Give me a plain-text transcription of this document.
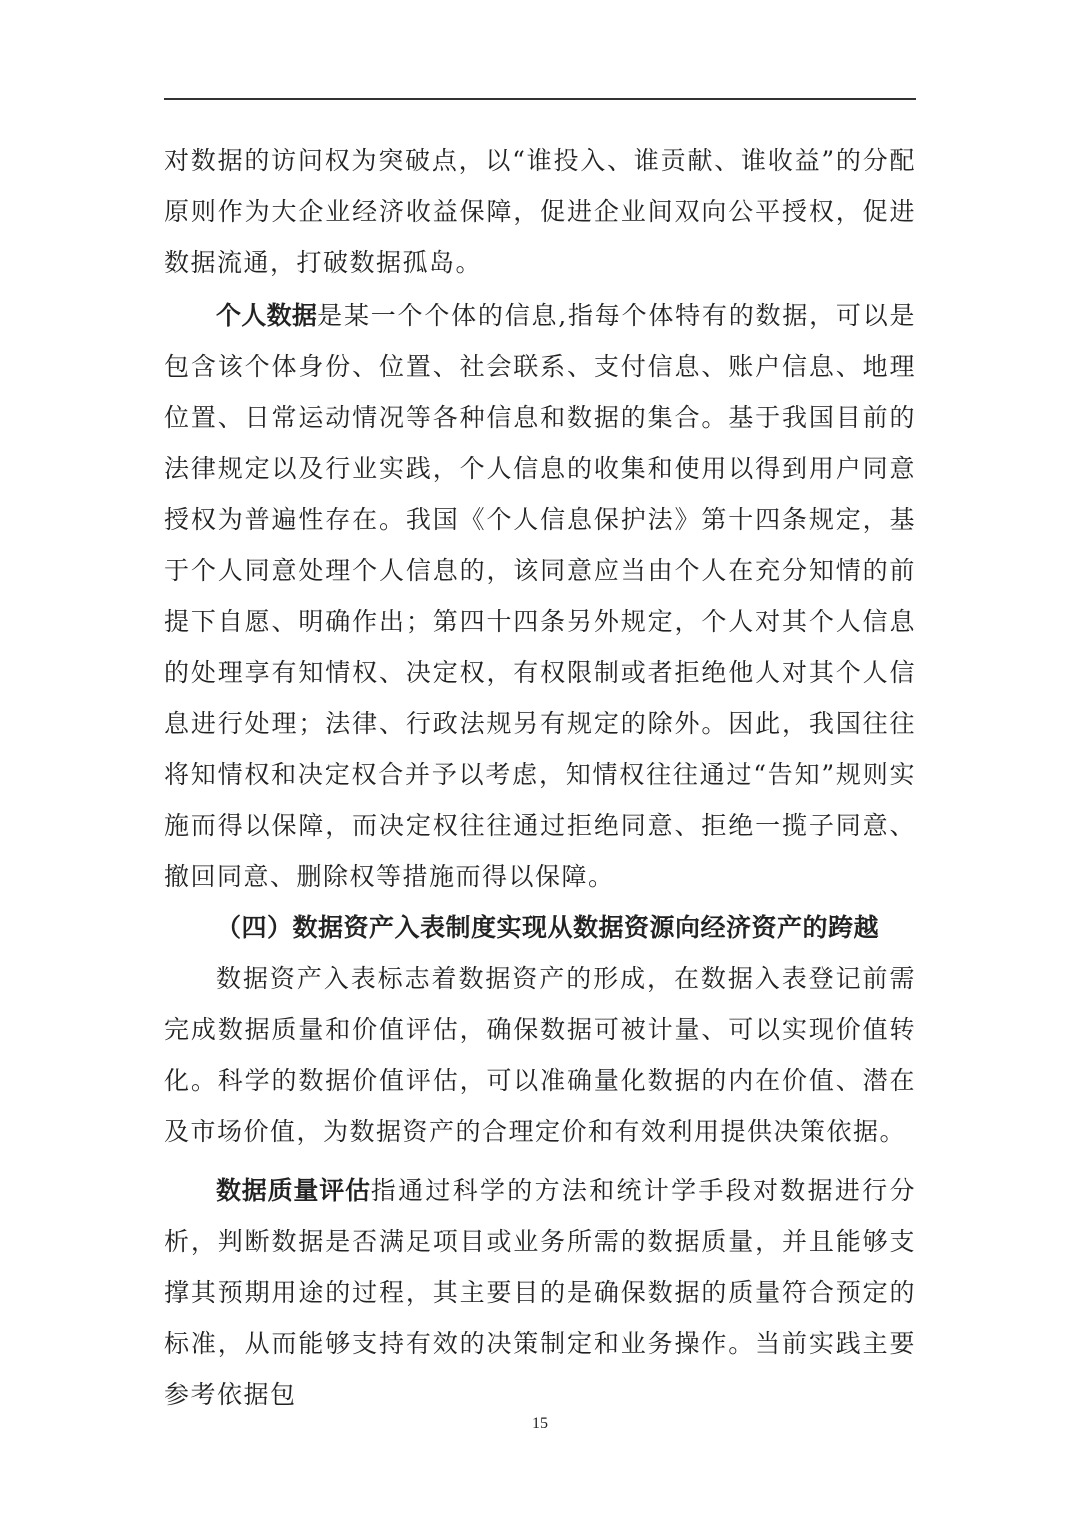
对数据的访问权为突破点，以“谁投入、谁贡献、谁收益”的分配原则作为大企业经济收益保障，促进企业间双向公平授权，促进数据流通，打破数据孤岛。

个人数据是某一个个体的信息,指每个体特有的数据，可以是包含该个体身份、位置、社会联系、支付信息、账户信息、地理位置、日常运动情况等各种信息和数据的集合。基于我国目前的法律规定以及行业实践，个人信息的收集和使用以得到用户同意授权为普遍性存在。我国《个人信息保护法》第十四条规定，基于个人同意处理个人信息的，该同意应当由个人在充分知情的前提下自愿、明确作出；第四十四条另外规定，个人对其个人信息的处理享有知情权、决定权，有权限制或者拒绝他人对其个人信息进行处理；法律、行政法规另有规定的除外。因此，我国往往将知情权和决定权合并予以考虑，知情权往往通过“告知”规则实施而得以保障，而决定权往往通过拒绝同意、拒绝一揽子同意、撤回同意、删除权等措施而得以保障。

（四）数据资产入表制度实现从数据资源向经济资产的跨越

数据资产入表标志着数据资产的形成，在数据入表登记前需完成数据质量和价值评估，确保数据可被计量、可以实现价值转化。科学的数据价值评估，可以准确量化数据的内在价值、潜在及市场价值，为数据资产的合理定价和有效利用提供决策依据。

数据质量评估指通过科学的方法和统计学手段对数据进行分析，判断数据是否满足项目或业务所需的数据质量，并且能够支撑其预期用途的过程，其主要目的是确保数据的质量符合预定的标准，从而能够支持有效的决策制定和业务操作。当前实践主要参考依据包

15
